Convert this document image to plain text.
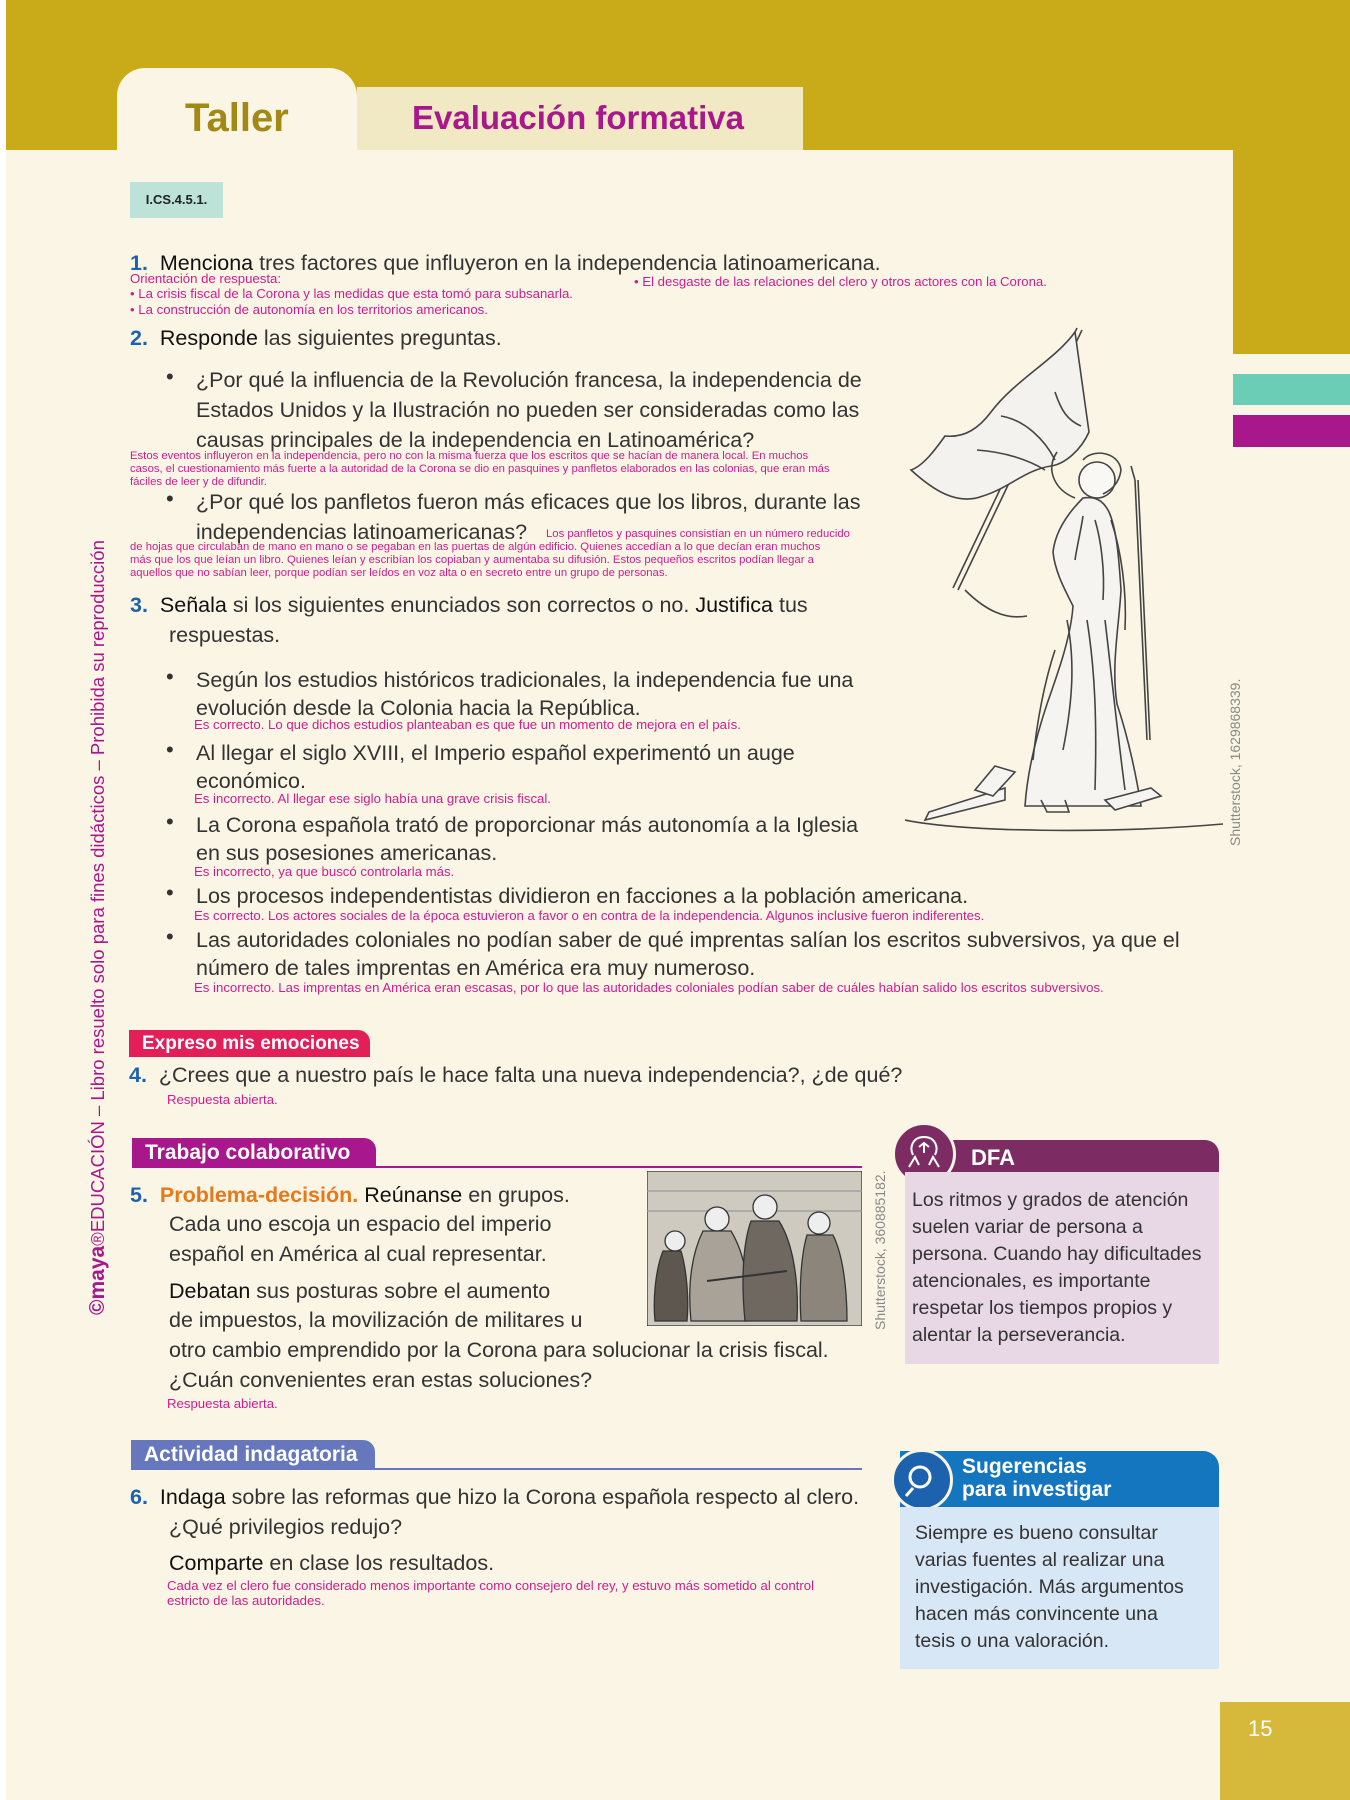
Taller	Evaluación formativa
I.CS.4.5.1.
©maya®EDUCACIÓN – Libro resuelto solo para fines didácticos – Prohibida su reproducción
1. Menciona tres factores que influyeron en la independencia latinoamericana.
Orientación de respuesta:
• La crisis fiscal de la Corona y las medidas que esta tomó para subsanarla.
• La construcción de autonomía en los territorios americanos.
• El desgaste de las relaciones del clero y otros actores con la Corona.
2. Responde las siguientes preguntas.
• ¿Por qué la influencia de la Revolución francesa, la independencia de
Estados Unidos y la Ilustración no pueden ser consideradas como las
causas principales de la independencia en Latinoamérica?
Estos eventos influyeron en la independencia, pero no con la misma fuerza que los escritos que se hacían de manera local. En muchos
casos, el cuestionamiento más fuerte a la autoridad de la Corona se dio en pasquines y panfletos elaborados en las colonias, que eran más
fáciles de leer y de difundir.
• ¿Por qué los panfletos fueron más eficaces que los libros, durante las
independencias latinoamericanas? Los panfletos y pasquines consistían en un número reducido
de hojas que circulaban de mano en mano o se pegaban en las puertas de algún edificio. Quienes accedían a lo que decían eran muchos
más que los que leían un libro. Quienes leían y escribían los copiaban y aumentaba su difusión. Estos pequeños escritos podían llegar a
aquellos que no sabían leer, porque podían ser leídos en voz alta o en secreto entre un grupo de personas.
3. Señala si los siguientes enunciados son correctos o no. Justifica tus
respuestas.
• Según los estudios históricos tradicionales, la independencia fue una
evolución desde la Colonia hacia la República.
Es correcto. Lo que dichos estudios planteaban es que fue un momento de mejora en el país.
• Al llegar el siglo XVIII, el Imperio español experimentó un auge
económico.
Es incorrecto. Al llegar ese siglo había una grave crisis fiscal.
• La Corona española trató de proporcionar más autonomía a la Iglesia
en sus posesiones americanas.
Es incorrecto, ya que buscó controlarla más.
• Los procesos independentistas dividieron en facciones a la población americana.
Es correcto. Los actores sociales de la época estuvieron a favor o en contra de la independencia. Algunos inclusive fueron indiferentes.
• Las autoridades coloniales no podían saber de qué imprentas salían los escritos subversivos, ya que el
número de tales imprentas en América era muy numeroso.
Es incorrecto. Las imprentas en América eran escasas, por lo que las autoridades coloniales podían saber de cuáles habían salido los escritos subversivos.
Shutterstock, 1629868339.
Expreso mis emociones
4. ¿Crees que a nuestro país le hace falta una nueva independencia?, ¿de qué?
Respuesta abierta.
Trabajo colaborativo
5. Problema-decisión. Reúnanse en grupos.
Cada uno escoja un espacio del imperio
español en América al cual representar.
Debatan sus posturas sobre el aumento
de impuestos, la movilización de militares u
otro cambio emprendido por la Corona para solucionar la crisis fiscal.
¿Cuán convenientes eran estas soluciones?
Respuesta abierta.
Shutterstock, 360885182.
DFA
Los ritmos y grados de atención
suelen variar de persona a
persona. Cuando hay dificultades
atencionales, es importante
respetar los tiempos propios y
alentar la perseverancia.
Actividad indagatoria
6. Indaga sobre las reformas que hizo la Corona española respecto al clero.
¿Qué privilegios redujo?
Comparte en clase los resultados.
Cada vez el clero fue considerado menos importante como consejero del rey, y estuvo más sometido al control
estricto de las autoridades.
Sugerencias
para investigar
Siempre es bueno consultar
varias fuentes al realizar una
investigación. Más argumentos
hacen más convincente una
tesis o una valoración.
15
